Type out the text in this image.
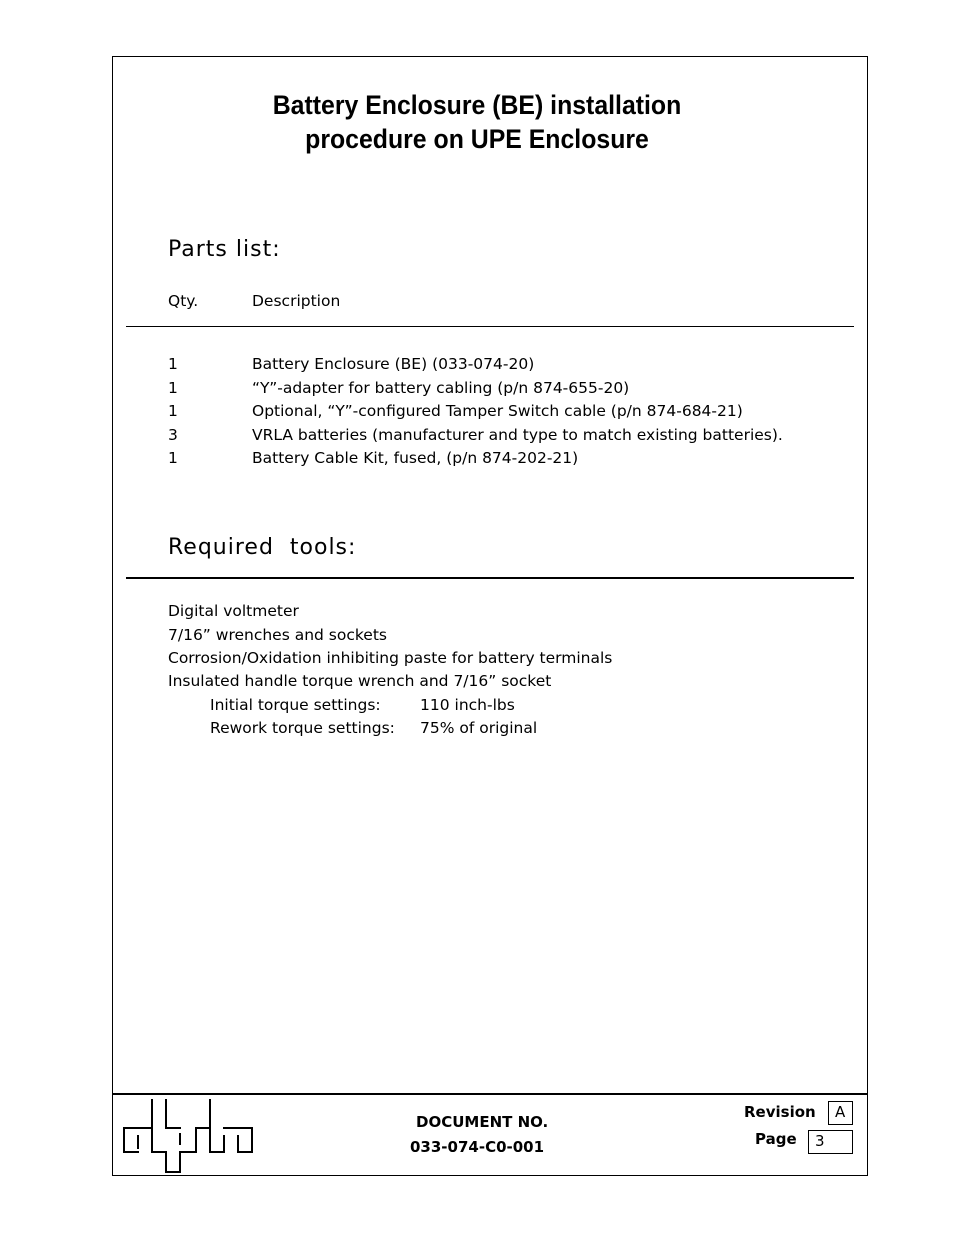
Battery Enclosure (BE) installation
procedure on UPE Enclosure
Parts list:
Qty.	Description
1	Battery Enclosure (BE) (033-074-20)
1	“Y”-adapter for battery cabling (p/n 874-655-20)
1	Optional, “Y”-configured Tamper Switch cable (p/n 874-684-21)
3	VRLA batteries (manufacturer and type to match existing batteries).
1	Battery Cable Kit, fused, (p/n 874-202-21)
Required  tools:
Digital voltmeter
7/16” wrenches and sockets
Corrosion/Oxidation inhibiting paste for battery terminals
Insulated handle torque wrench and 7/16” socket
Initial torque settings:	110 inch-lbs
Rework torque settings: 75% of original
DOCUMENT NO.
033-074-C0-001
Revision	A
Page	3
